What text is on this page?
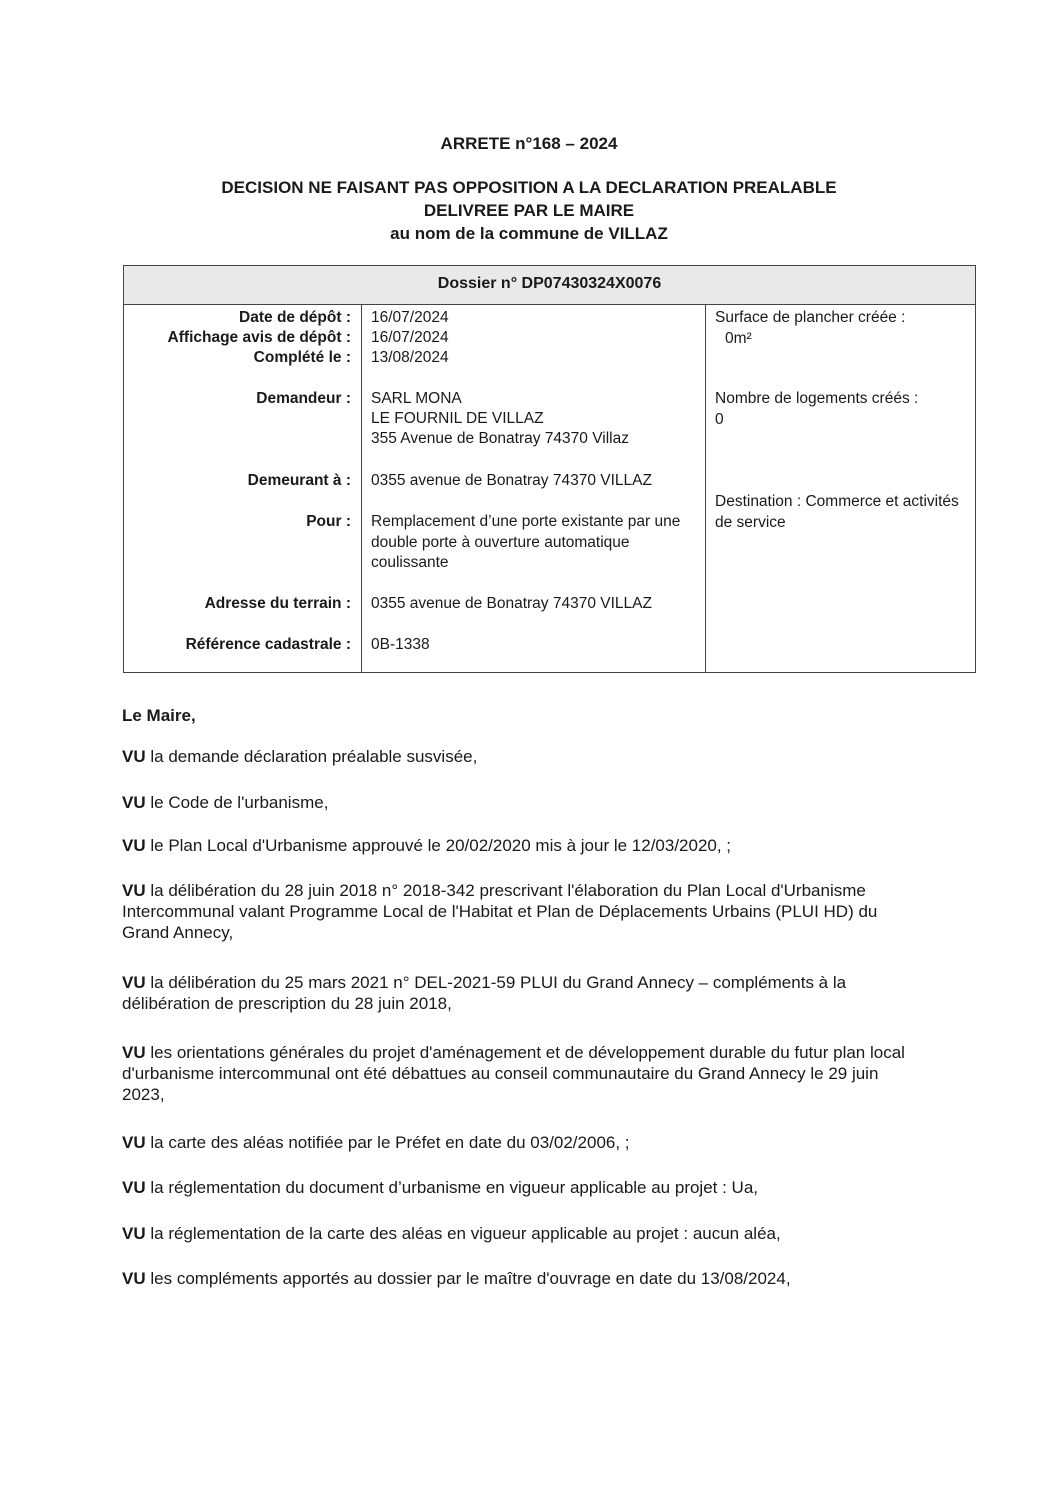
ARRETE n°168 – 2024
DECISION NE FAISANT PAS OPPOSITION A LA DECLARATION PREALABLE
DELIVREE PAR LE MAIRE
au nom de la commune de VILLAZ
Dossier n° DP07430324X0076
Date de dépôt : 16/07/2024
Affichage avis de dépôt : 16/07/2024
Complété le : 13/08/2024
Demandeur : SARL MONA
LE FOURNIL DE VILLAZ
355 Avenue de Bonatray 74370 Villaz
Demeurant à : 0355 avenue de Bonatray 74370 VILLAZ
Pour : Remplacement d’une porte existante par une double porte à ouverture automatique coulissante
Adresse du terrain : 0355 avenue de Bonatray 74370 VILLAZ
Référence cadastrale : 0B-1338
Surface de plancher créée :
0m²
Nombre de logements créés :
0
Destination : Commerce et activités de service
Le Maire,
VU la demande déclaration préalable susvisée,
VU le Code de l'urbanisme,
VU le Plan Local d'Urbanisme approuvé le 20/02/2020 mis à jour le 12/03/2020, ;
VU la délibération du 28 juin 2018 n° 2018-342 prescrivant l'élaboration du Plan Local d'Urbanisme Intercommunal valant Programme Local de l'Habitat et Plan de Déplacements Urbains (PLUI HD) du Grand Annecy,
VU la délibération du 25 mars 2021 n° DEL-2021-59 PLUI du Grand Annecy – compléments à la délibération de prescription du 28 juin 2018,
VU les orientations générales du projet d'aménagement et de développement durable du futur plan local d'urbanisme intercommunal ont été débattues au conseil communautaire du Grand Annecy le 29 juin 2023,
VU la carte des aléas notifiée par le Préfet en date du 03/02/2006, ;
VU la réglementation du document d’urbanisme en vigueur applicable au projet : Ua,
VU la réglementation de la carte des aléas en vigueur applicable au projet : aucun aléa,
VU les compléments apportés au dossier par le maître d'ouvrage en date du 13/08/2024,
